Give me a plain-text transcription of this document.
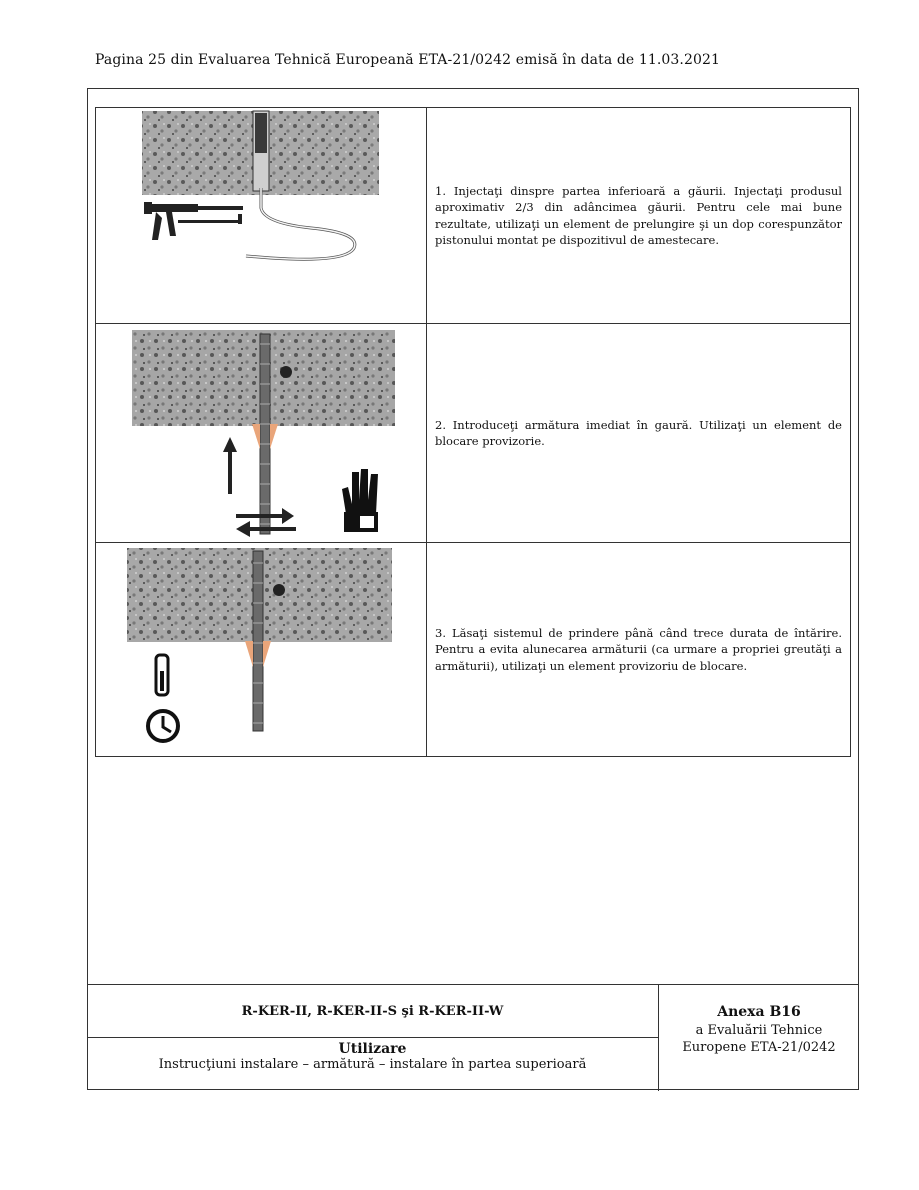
Pagina 25 din Evaluarea Tehnică Europeană ETA-21/0242 emisă în data de 11.03.2021
	1. Injectaţi dinspre partea inferioară a găurii. Injectaţi produsul aproximativ 2/3 din adâncimea găurii. Pentru cele mai bune rezultate, utilizaţi un element de prelungire şi un dop corespunzător pistonului montat pe dispozitivul de amestecare.

	2. Introduceţi armătura imediat în gaură. Utilizaţi un element de blocare provizorie.

	3. Lăsaţi sistemul de prindere până când trece durata de întărire. Pentru a evita alunecarea armăturii (ca urmare a propriei greutăţi a armăturii), utilizaţi un element provizoriu de blocare.
R-KER-II, R-KER-II-S şi R-KER-II-W
Utilizare
Instrucţiuni instalare – armătură – instalare în partea superioară
Anexa B16
a Evaluării Tehnice
Europene ETA-21/0242
